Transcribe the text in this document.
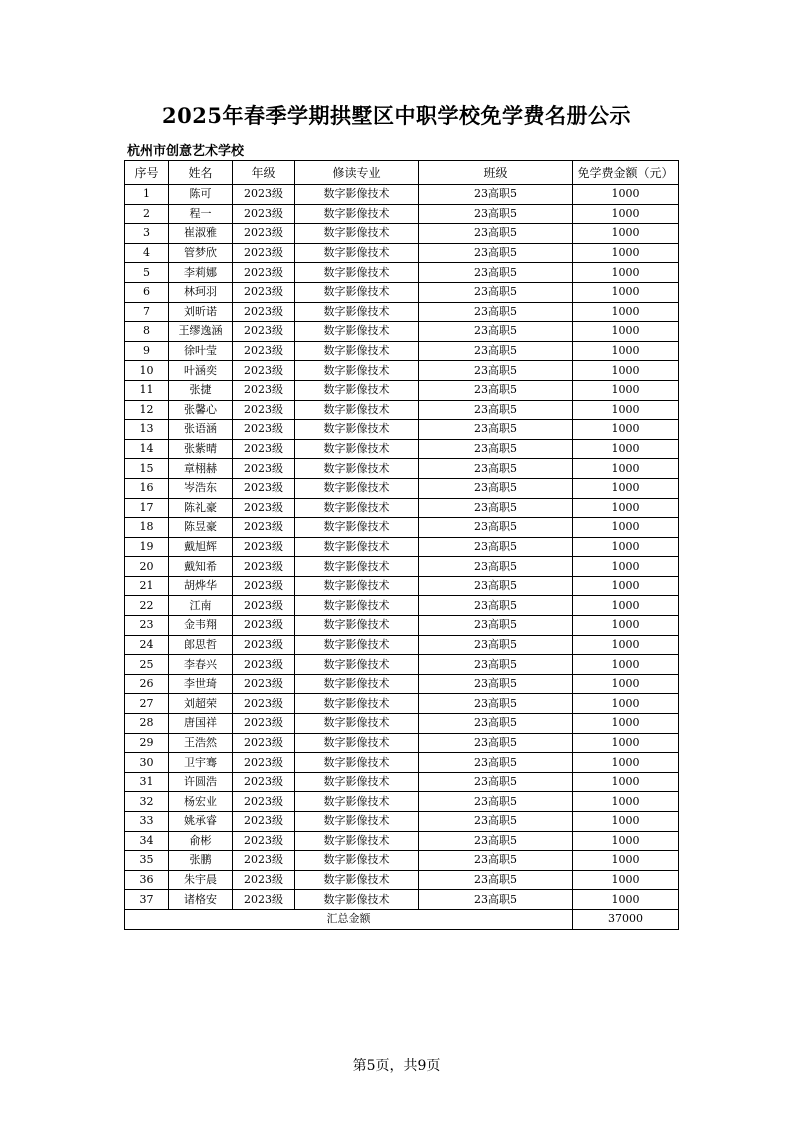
2025年春季学期拱墅区中职学校免学费名册公示
杭州市创意艺术学校
序号	姓名	年级	修读专业	班级	免学费金额（元）
1	陈可	2023级	数字影像技术	23高职5	1000
2	程一	2023级	数字影像技术	23高职5	1000
3	崔淑雅	2023级	数字影像技术	23高职5	1000
4	管梦欣	2023级	数字影像技术	23高职5	1000
5	李莉娜	2023级	数字影像技术	23高职5	1000
6	林珂羽	2023级	数字影像技术	23高职5	1000
7	刘昕诺	2023级	数字影像技术	23高职5	1000
8	王缪逸涵	2023级	数字影像技术	23高职5	1000
9	徐叶莹	2023级	数字影像技术	23高职5	1000
10	叶涵奕	2023级	数字影像技术	23高职5	1000
11	张捷	2023级	数字影像技术	23高职5	1000
12	张馨心	2023级	数字影像技术	23高职5	1000
13	张语涵	2023级	数字影像技术	23高职5	1000
14	张紫晴	2023级	数字影像技术	23高职5	1000
15	章栩赫	2023级	数字影像技术	23高职5	1000
16	岑浩东	2023级	数字影像技术	23高职5	1000
17	陈礼豪	2023级	数字影像技术	23高职5	1000
18	陈昱豪	2023级	数字影像技术	23高职5	1000
19	戴旭辉	2023级	数字影像技术	23高职5	1000
20	戴知希	2023级	数字影像技术	23高职5	1000
21	胡烨华	2023级	数字影像技术	23高职5	1000
22	江南	2023级	数字影像技术	23高职5	1000
23	金韦翔	2023级	数字影像技术	23高职5	1000
24	郎思哲	2023级	数字影像技术	23高职5	1000
25	李春兴	2023级	数字影像技术	23高职5	1000
26	李世琦	2023级	数字影像技术	23高职5	1000
27	刘超荣	2023级	数字影像技术	23高职5	1000
28	唐国祥	2023级	数字影像技术	23高职5	1000
29	王浩然	2023级	数字影像技术	23高职5	1000
30	卫宇骞	2023级	数字影像技术	23高职5	1000
31	许圆浩	2023级	数字影像技术	23高职5	1000
32	杨宏业	2023级	数字影像技术	23高职5	1000
33	姚承睿	2023级	数字影像技术	23高职5	1000
34	俞彬	2023级	数字影像技术	23高职5	1000
35	张鹏	2023级	数字影像技术	23高职5	1000
36	朱宇晨	2023级	数字影像技术	23高职5	1000
37	诸格安	2023级	数字影像技术	23高职5	1000
汇总金额					37000
第5页，共9页
